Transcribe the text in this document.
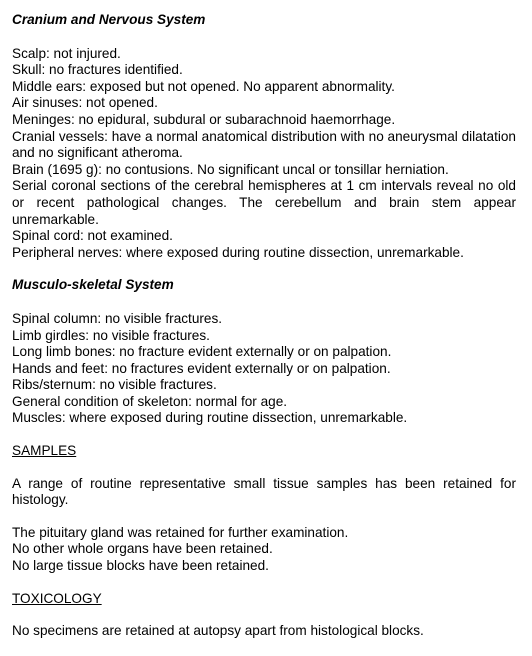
Cranium and Nervous System

Scalp: not injured.

Skull: no fractures identified.

Middle ears: exposed but not opened. No apparent abnormality.

Air sinuses: not opened.

Meninges: no epidural, subdural or subarachnoid haemorrhage.

Cranial vessels: have a normal anatomical distribution with no aneurysmal dilatation and no significant atheroma.

Brain (1695 g): no contusions. No significant uncal or tonsillar herniation.

Serial coronal sections of the cerebral hemispheres at 1 cm intervals reveal no old or recent pathological changes. The cerebellum and brain stem appear unremarkable.

Spinal cord: not examined.

Peripheral nerves: where exposed during routine dissection, unremarkable.

Musculo-skeletal System

Spinal column: no visible fractures.

Limb girdles: no visible fractures.

Long limb bones: no fracture evident externally or on palpation.

Hands and feet: no fractures evident externally or on palpation.

Ribs/sternum: no visible fractures.

General condition of skeleton: normal for age.

Muscles: where exposed during routine dissection, unremarkable.

SAMPLES

A range of routine representative small tissue samples has been retained for histology.

The pituitary gland was retained for further examination.

No other whole organs have been retained.

No large tissue blocks have been retained.

TOXICOLOGY

No specimens are retained at autopsy apart from histological blocks.
